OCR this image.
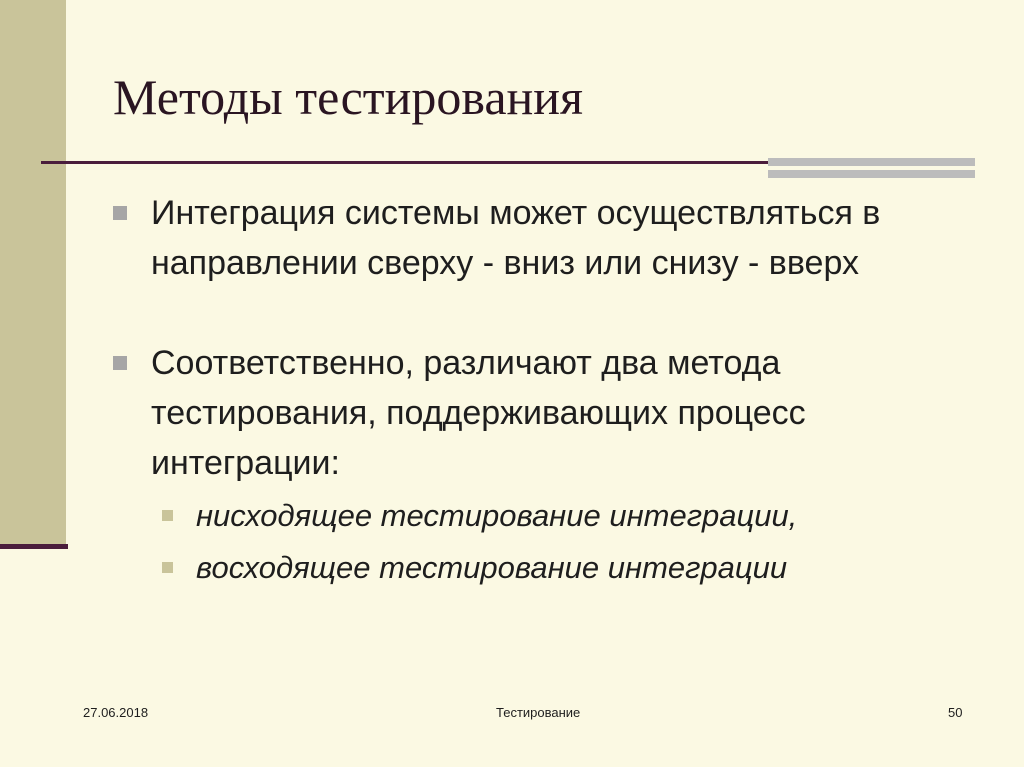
Методы тестирования
Интеграция системы может осуществляться в направлении сверху - вниз или снизу - вверх
Соответственно, различают два метода тестирования, поддерживающих процесс интеграции:
нисходящее тестирование интеграции,
восходящее тестирование интеграции
27.06.2018	Тестирование	50
